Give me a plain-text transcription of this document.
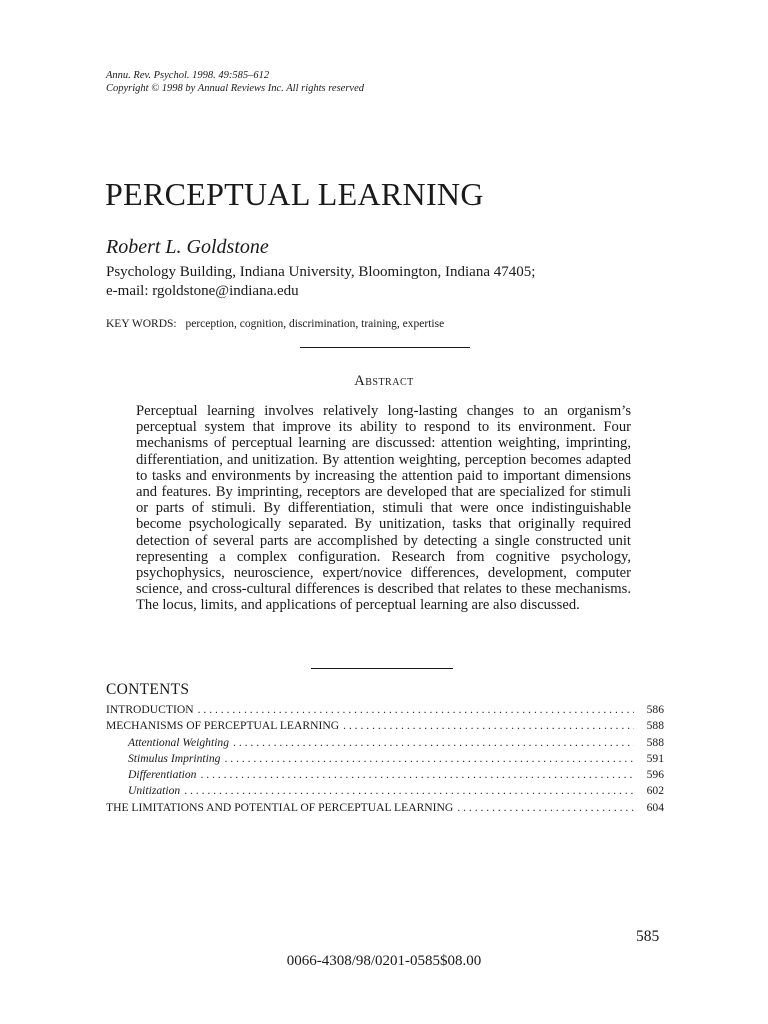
Annu. Rev. Psychol. 1998. 49:585–612
Copyright © 1998 by Annual Reviews Inc. All rights reserved
PERCEPTUAL LEARNING
Robert L. Goldstone
Psychology Building, Indiana University, Bloomington, Indiana 47405;
e-mail: rgoldstone@indiana.edu
KEY WORDS: perception, cognition, discrimination, training, expertise
Abstract

Perceptual learning involves relatively long-lasting changes to an organism’s perceptual system that improve its ability to respond to its environment. Four mechanisms of perceptual learning are discussed: attention weighting, imprinting, differentiation, and unitization. By attention weighting, perception becomes adapted to tasks and environments by increasing the attention paid to important dimensions and features. By imprinting, receptors are developed that are specialized for stimuli or parts of stimuli. By differentiation, stimuli that were once indistinguishable become psychologically separated. By unitization, tasks that originally required detection of several parts are accomplished by detecting a single constructed unit representing a complex configuration. Research from cognitive psychology, psychophysics, neuroscience, expert/novice differences, development, computer science, and cross-cultural differences is described that relates to these mechanisms. The locus, limits, and applications of perceptual learning are also discussed.

CONTENTS
INTRODUCTION . . .	586
MECHANISMS OF PERCEPTUAL LEARNING . . .	588
Attentional Weighting . . .	588
Stimulus Imprinting . . .	591
Differentiation . . .	596
Unitization . . .	602
THE LIMITATIONS AND POTENTIAL OF PERCEPTUAL LEARNING . . .	604
585
0066-4308/98/0201-0585$08.00
